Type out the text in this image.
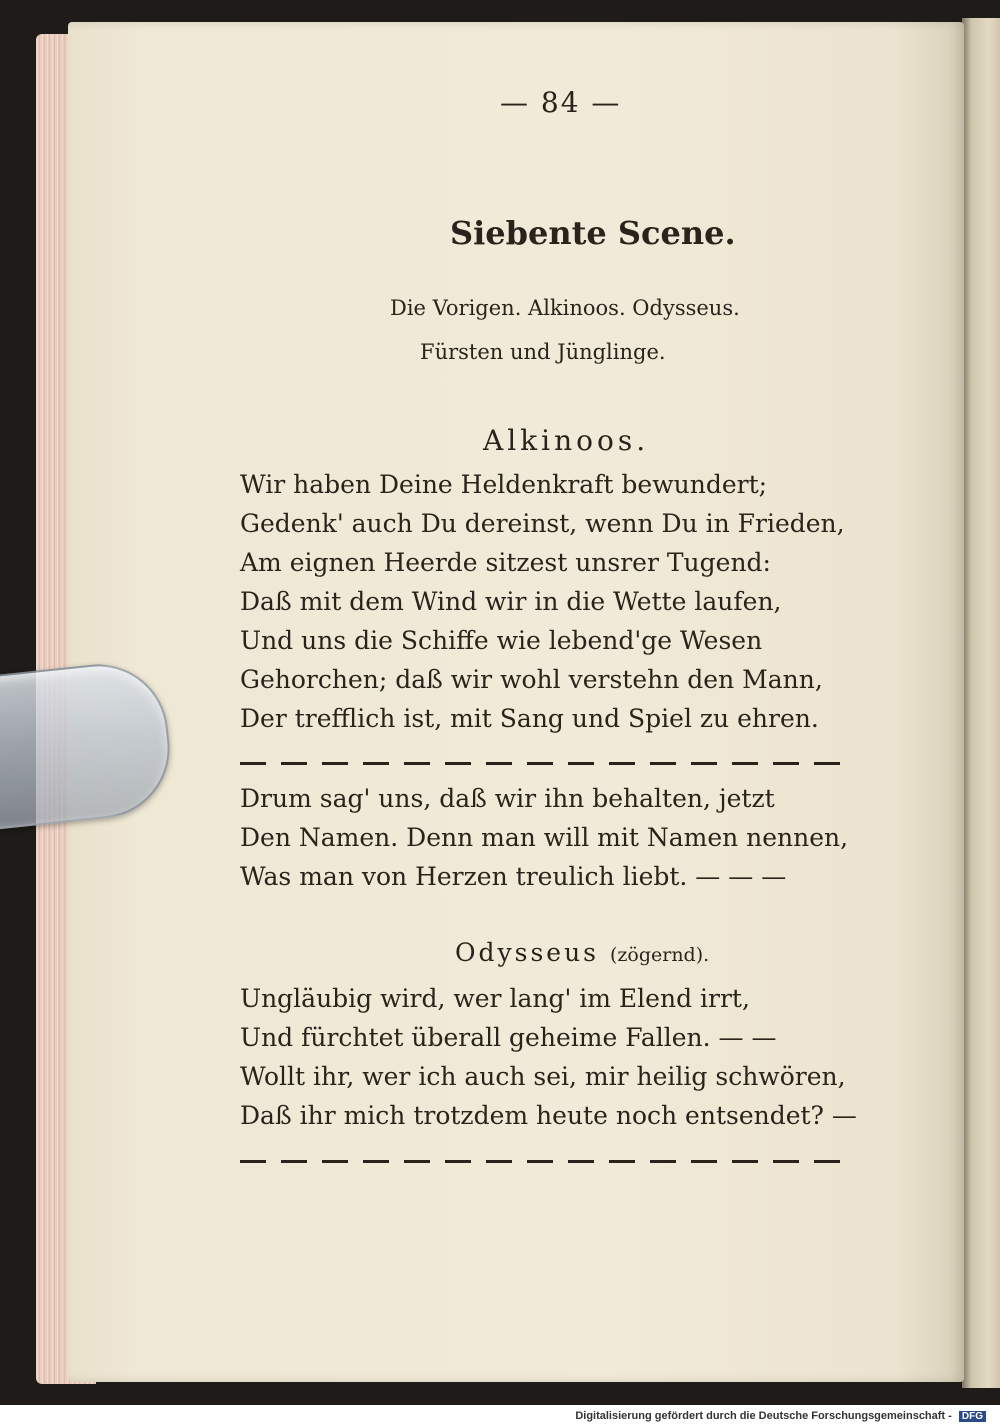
— 84 —
Siebente Scene.
Die Vorigen. Alkinoos. Odysseus.
Fürsten und Jünglinge.
Alkinoos.
Wir haben Deine Heldenkraft bewundert;
Gedenk' auch Du dereinst, wenn Du in Frieden,
Am eignen Heerde sitzest unsrer Tugend:
Daß mit dem Wind wir in die Wette laufen,
Und uns die Schiffe wie lebend'ge Wesen
Gehorchen; daß wir wohl verstehn den Mann,
Der trefflich ist, mit Sang und Spiel zu ehren.
Drum sag' uns, daß wir ihn behalten, jetzt
Den Namen. Denn man will mit Namen nennen,
Was man von Herzen treulich liebt. — — —
Odysseus (zögernd).
Ungläubig wird, wer lang' im Elend irrt,
Und fürchtet überall geheime Fallen. — —
Wollt ihr, wer ich auch sei, mir heilig schwören,
Daß ihr mich trotzdem heute noch entsendet? —
Digitalisierung gefördert durch die Deutsche Forschungsgemeinschaft - DFG
